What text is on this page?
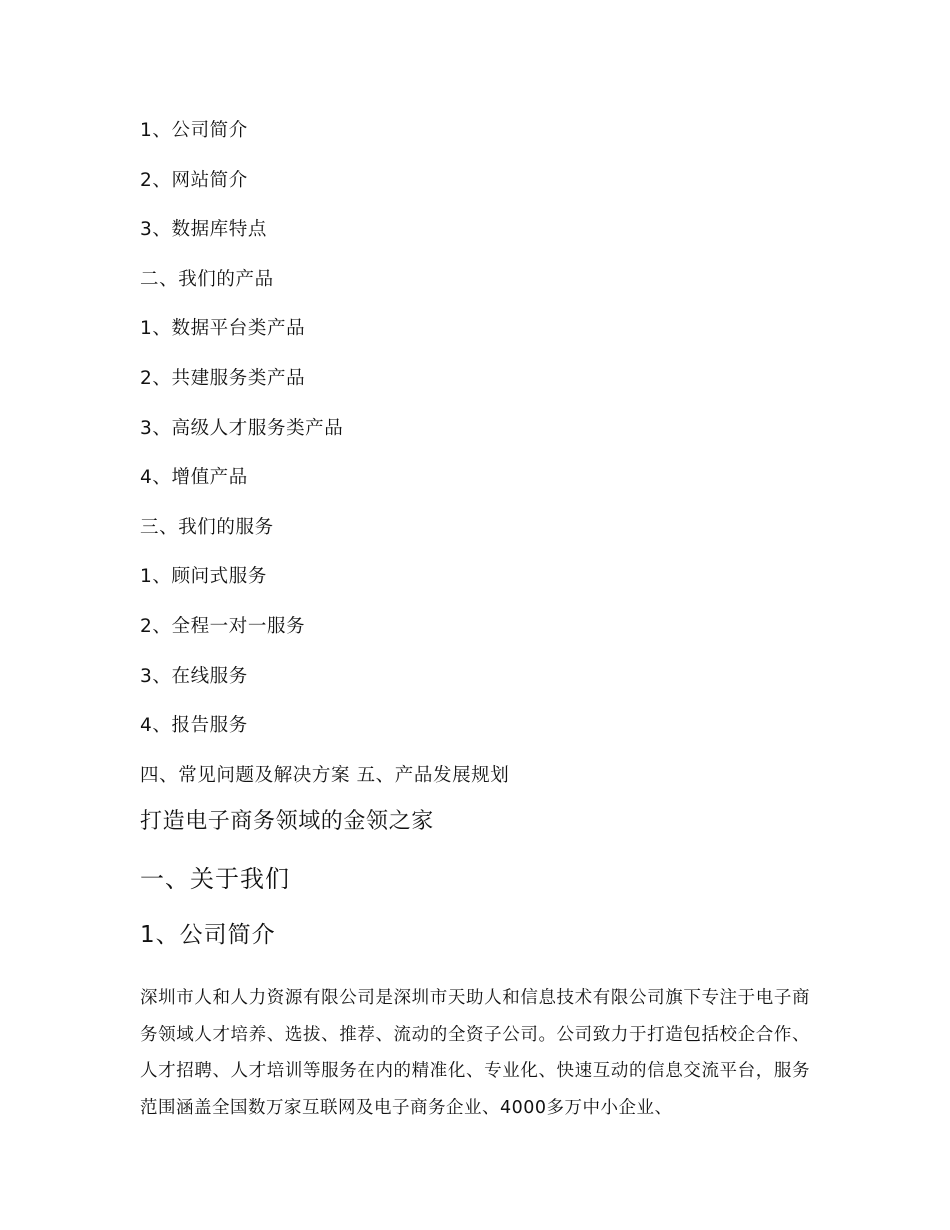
1、公司简介
2、网站简介
3、数据库特点
二、我们的产品
1、数据平台类产品
2、共建服务类产品
3、高级人才服务类产品
4、增值产品
三、我们的服务
1、顾问式服务
2、全程一对一服务
3、在线服务
4、报告服务
四、常见问题及解决方案 五、产品发展规划
打造电子商务领域的金领之家
一、关于我们
1、公司简介
深圳市人和人力资源有限公司是深圳市天助人和信息技术有限公司旗下专注于电子商务领域人才培养、选拔、推荐、流动的全资子公司。公司致力于打造包括校企合作、人才招聘、人才培训等服务在内的精准化、专业化、快速互动的信息交流平台，服务范围涵盖全国数万家互联网及电子商务企业、4000多万中小企业、
